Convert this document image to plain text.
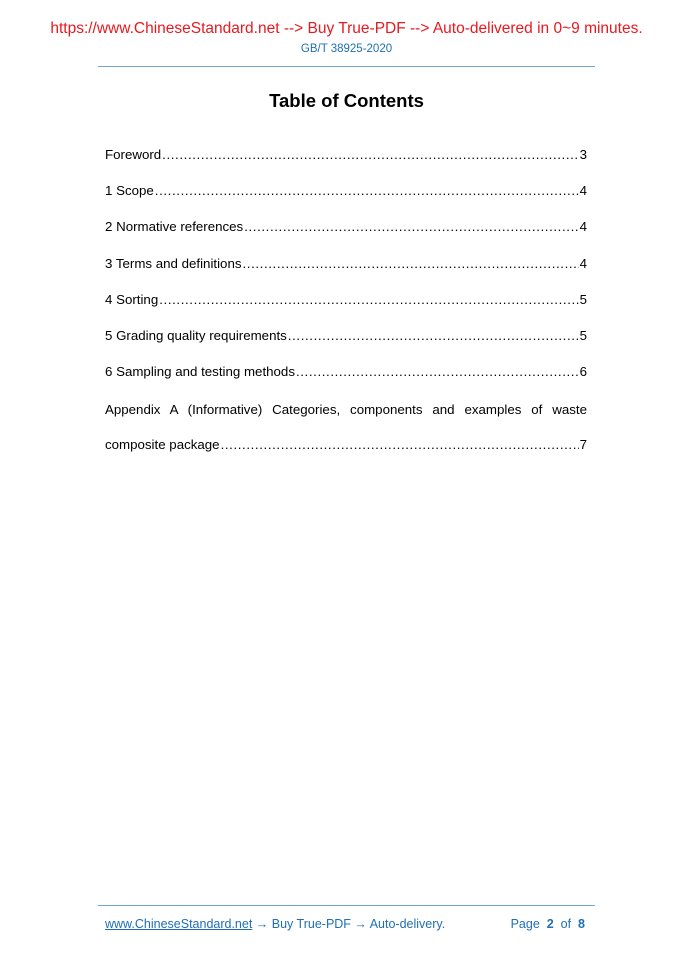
https://www.ChineseStandard.net --> Buy True-PDF --> Auto-delivered in 0~9 minutes.
GB/T 38925-2020
Table of Contents
Foreword .....	3
1 Scope .....	4
2 Normative references .....	4
3 Terms and definitions .....	4
4 Sorting .....	5
5 Grading quality requirements .....	5
6 Sampling and testing methods .....	6
Appendix A (Informative) Categories, components and examples of waste
composite package .....	7
www.ChineseStandard.net → Buy True-PDF → Auto-delivery.	Page 2 of 8
